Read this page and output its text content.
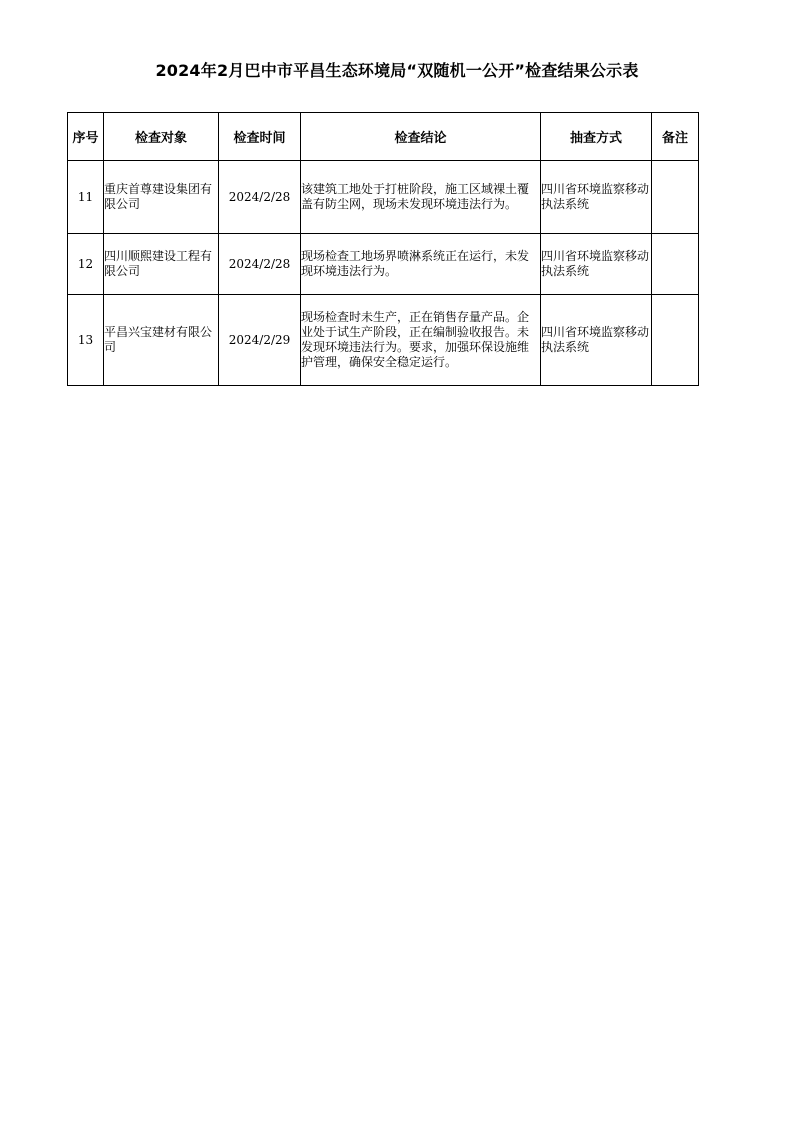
2024年2月巴中市平昌生态环境局“双随机一公开”检查结果公示表
序号	检查对象	检查时间	检查结论	抽查方式	备注
11	重庆首尊建设集团有限公司	2024/2/28	该建筑工地处于打桩阶段，施工区域裸土覆盖有防尘网，现场未发现环境违法行为。	四川省环境监察移动执法系统	
12	四川顺熙建设工程有限公司	2024/2/28	现场检查工地场界喷淋系统正在运行，未发现环境违法行为。	四川省环境监察移动执法系统	
13	平昌兴宝建材有限公司	2024/2/29	现场检查时未生产，正在销售存量产品。企业处于试生产阶段，正在编制验收报告。未发现环境违法行为。要求，加强环保设施维护管理，确保安全稳定运行。	四川省环境监察移动执法系统	
